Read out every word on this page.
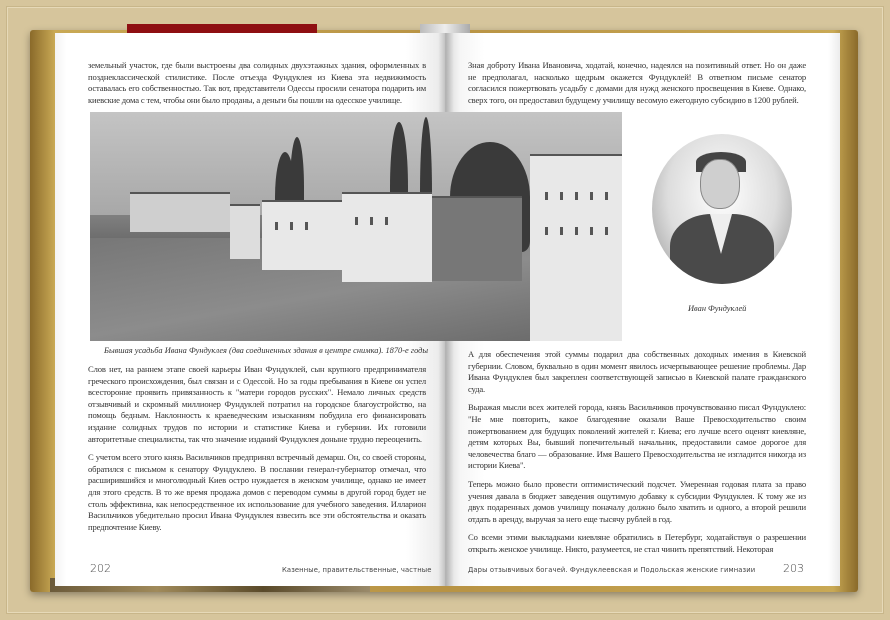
земельный участок, где были выстроены два солидных двухэтажных здания, оформленных в позднеклассической стилистике. После отъезда Фундуклея из Киева эта недвижимость оставалась его собственностью. Так вот, представители Одессы просили сенатора подарить им киевские дома с тем, чтобы они было проданы, а деньги бы пошли на одесское училище.
Бывшая усадьба Ивана Фундуклея (два соединенных здания в центре снимка). 1870-е годы

Слов нет, на раннем этапе своей карьеры Иван Фундуклей, сын крупного предпринимателя греческого происхождения, был связан и с Одессой. Но за годы пребывания в Киеве он успел всесторонне проявить привязанность к "матери городов русских". Немало личных средств отзывчивый и скромный миллионер Фундуклей потратил на городское благоустройство, на помощь бедным. Наклонность к краеведческим изысканиям побудила его финансировать издание солидных трудов по истории и статистике Киева и губернии. Их готовили авторитетные специалисты, так что значение изданий Фундуклея доныне трудно переоценить.

С учетом всего этого князь Васильчиков предпринял встречный демарш. Он, со своей стороны, обратился с письмом к сенатору Фундуклею. В послании генерал-губернатор отмечал, что расширившийся и многолюдный Киев остро нуждается в женском училище, однако не имеет для этого средств. В то же время продажа домов с переводом суммы в другой город будет не столь эффективна, как непосредственное их использование для учебного заведения. Илларион Васильчиков убедительно просил Ивана Фундуклея взвесить все эти обстоятельства и оказать предпочтение Киеву.

202	Казенные, правительственные, частные
Зная доброту Ивана Ивановича, ходатай, конечно, надеялся на позитивный ответ. Но он даже не предполагал, насколько щедрым окажется Фундуклей! В ответном письме сенатор согласился пожертвовать усадьбу с домами для нужд женского просвещения в Киеве. Однако, сверх того, он предоставил будущему училищу весомую ежегодную субсидию в 1200 рублей.
Иван Фундуклей

А для обеспечения этой суммы подарил два собственных доходных имения в Киевской губернии. Словом, буквально в один момент явилось исчерпывающее решение проблемы. Дар Ивана Фундуклея был закреплен соответствующей записью в Киевской палате гражданского суда.

Выражая мысли всех жителей города, князь Васильчиков прочувствованно писал Фундуклею: "Не мне повторить, какое благодеяние оказали Ваше Превосходительство своим пожертвованием для будущих поколений жителей г. Киева; его лучше всего оценят киевляне, детям которых Вы, бывший попечительный начальник, предоставили самое дорогое для человечества благо — образование. Имя Вашего Превосходительства не изгладится никогда из истории Киева".

Теперь можно было провести оптимистический подсчет. Умеренная годовая плата за право учения давала в бюджет заведения ощутимую добавку к субсидии Фундуклея. К тому же из двух подаренных домов училищу поначалу должно было хватить и одного, а второй решили отдать в аренду, выручая за него еще тысячу рублей в год.

Со всеми этими выкладками киевляне обратились в Петербург, ходатайствуя о разрешении открыть женское училище. Никто, разумеется, не стал чинить препятствий. Некоторая

Дары отзывчивых богачей. Фундуклеевская и Подольская женские гимназии	203
